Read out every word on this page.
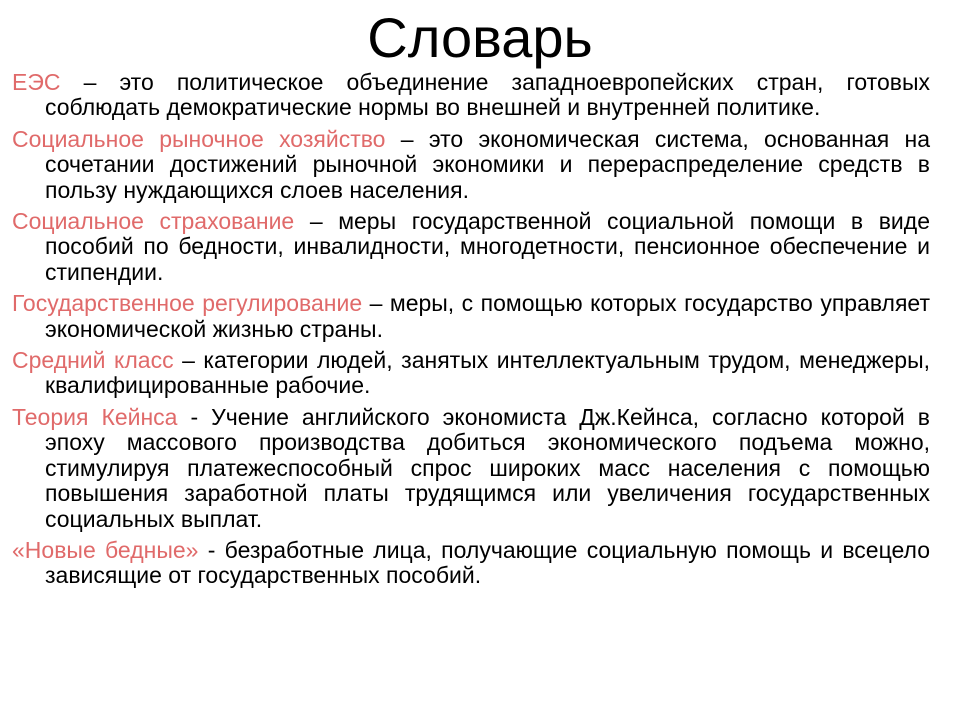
Словарь

ЕЭС – это политическое объединение западноевропейских стран, готовых соблюдать демократические нормы во внешней и внутренней политике.

Социальное рыночное хозяйство – это экономическая система, основанная на сочетании достижений рыночной экономики и перераспределение средств в пользу нуждающихся слоев населения.

Социальное страхование – меры государственной социальной помощи в виде пособий по бедности, инвалидности, многодетности, пенсионное обеспечение и стипендии.

Государственное регулирование – меры, с помощью которых государство управляет экономической жизнью страны.

Средний класс – категории людей, занятых интеллектуальным трудом, менеджеры, квалифицированные рабочие.

Теория Кейнса - Учение английского экономиста Дж.Кейнса, согласно которой в эпоху массового производства добиться экономического подъема можно, стимулируя платежеспособный спрос широких масс населения с помощью повышения заработной платы трудящимся или увеличения государственных социальных выплат.

«Новые бедные» - безработные лица, получающие социальную помощь и всецело зависящие от государственных пособий.
